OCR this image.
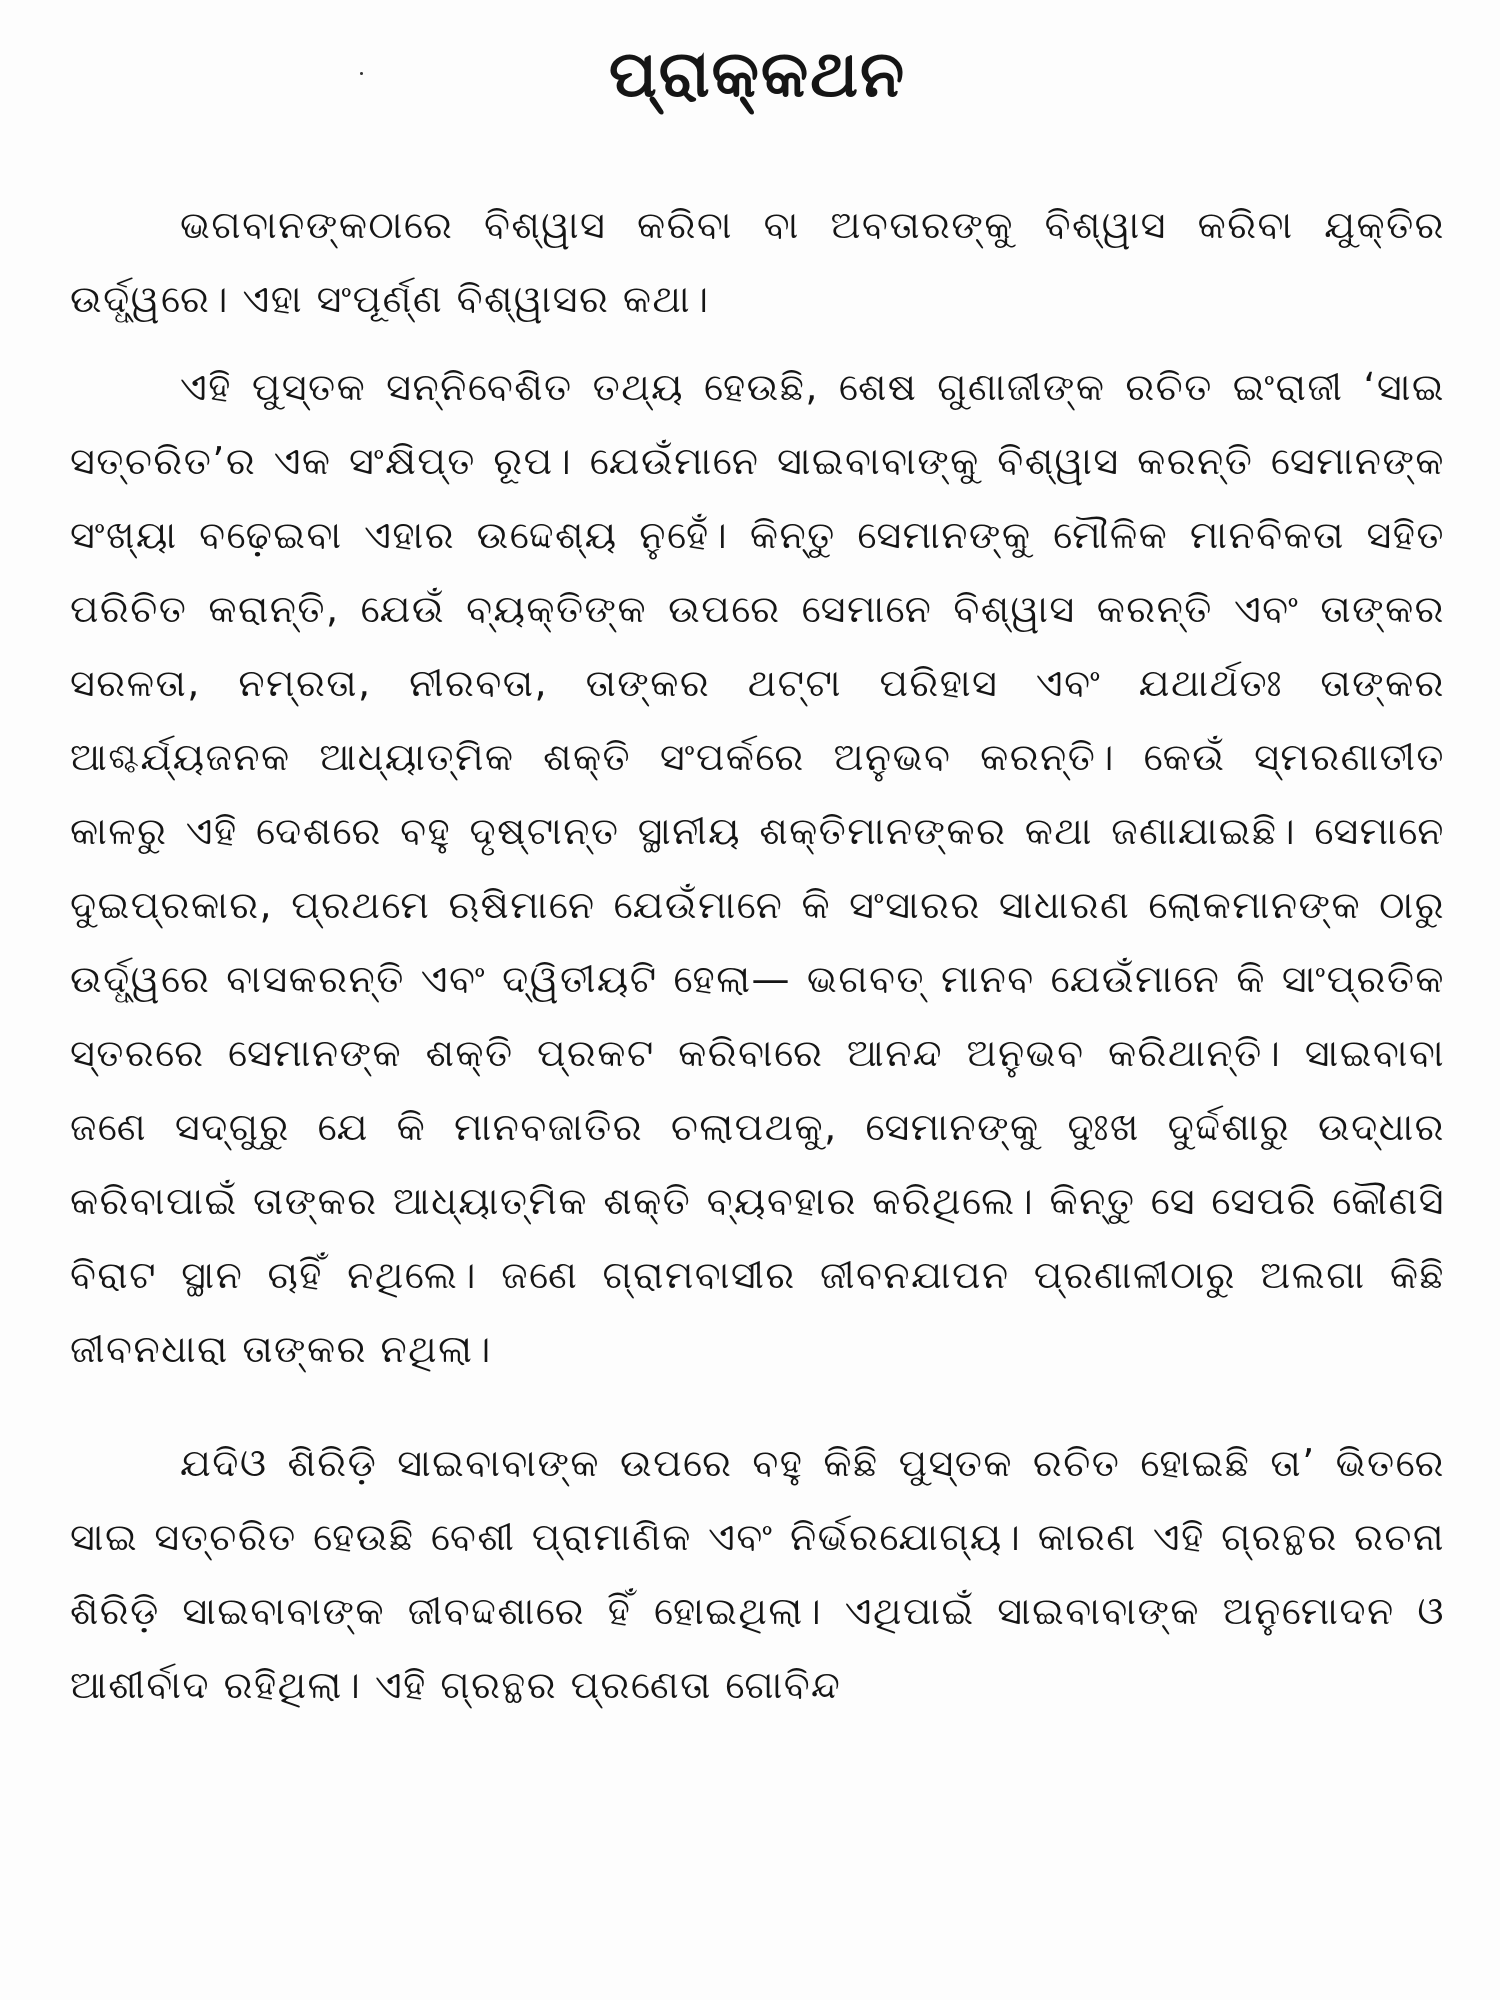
ପ୍ରାକ୍‌କଥନ

ଭଗବାନଙ୍କଠାରେ ବିଶ୍ୱାସ କରିବା ବା ଅବତାରଙ୍କୁ ବିଶ୍ୱାସ କରିବା ଯୁକ୍ତିର ଉର୍ଦ୍ଧ୍ୱରେ। ଏହା ସଂପୂର୍ଣ୍ଣ ବିଶ୍ୱାସର କଥା।

ଏହି ପୁସ୍ତକ ସନ୍ନିବେଶିତ ତଥ୍ୟ ହେଉଛି, ଶେଷ ଗୁଣାଜୀଙ୍କ ରଚିତ ଇଂରାଜୀ ‘ସାଇ ସତ୍‌ଚରିତ’ର ଏକ ସଂକ୍ଷିପ୍ତ ରୂପ। ଯେଉଁମାନେ ସାଇବାବାଙ୍କୁ ବିଶ୍ୱାସ କରନ୍ତି ସେମାନଙ୍କ ସଂଖ୍ୟା ବଢ଼େଇବା ଏହାର ଉଦ୍ଦେଶ୍ୟ ନୁହେଁ। କିନ୍ତୁ ସେମାନଙ୍କୁ ମୌଳିକ ମାନବିକତା ସହିତ ପରିଚିତ କରାନ୍ତି, ଯେଉଁ ବ୍ୟକ୍ତିଙ୍କ ଉପରେ ସେମାନେ ବିଶ୍ୱାସ କରନ୍ତି ଏବଂ ତାଙ୍କର ସରଳତା, ନମ୍ରତା, ନୀରବତା, ତାଙ୍କର ଥଟ୍ଟା ପରିହାସ ଏବଂ ଯଥାର୍ଥତଃ ତାଙ୍କର ଆଶ୍ଚର୍ଯ୍ୟଜନକ ଆଧ୍ୟାତ୍ମିକ ଶକ୍ତି ସଂପର୍କରେ ଅନୁଭବ କରନ୍ତି। କେଉଁ ସ୍ମରଣାତୀତ କାଳରୁ ଏହି ଦେଶରେ ବହୁ ଦୃଷ୍ଟାନ୍ତ ସ୍ଥାନୀୟ ଶକ୍ତିମାନଙ୍କର କଥା ଜଣାଯାଇଛି। ସେମାନେ ଦୁଇପ୍ରକାର, ପ୍ରଥମେ ଋଷିମାନେ ଯେଉଁମାନେ କି ସଂସାରର ସାଧାରଣ ଲୋକମାନଙ୍କ ଠାରୁ ଉର୍ଦ୍ଧ୍ୱରେ ବାସକରନ୍ତି ଏବଂ ଦ୍ୱିତୀୟଟି ହେଲା— ଭଗବତ୍ ମାନବ ଯେଉଁମାନେ କି ସାଂପ୍ରତିକ ସ୍ତରରେ ସେମାନଙ୍କ ଶକ୍ତି ପ୍ରକଟ କରିବାରେ ଆନନ୍ଦ ଅନୁଭବ କରିଥାନ୍ତି। ସାଇବାବା ଜଣେ ସଦ୍‌ଗୁରୁ ଯେ କି ମାନବଜାତିର ଚଲାପଥକୁ, ସେମାନଙ୍କୁ ଦୁଃଖ ଦୁର୍ଦ୍ଦଶାରୁ ଉଦ୍ଧାର କରିବାପାଇଁ ତାଙ୍କର ଆଧ୍ୟାତ୍ମିକ ଶକ୍ତି ବ୍ୟବହାର କରିଥିଲେ। କିନ୍ତୁ ସେ ସେପରି କୌଣସି ବିରାଟ ସ୍ଥାନ ଚାହିଁ ନଥିଲେ। ଜଣେ ଗ୍ରାମବାସୀର ଜୀବନଯାପନ ପ୍ରଣାଳୀଠାରୁ ଅଲଗା କିଛି ଜୀବନଧାରା ତାଙ୍କର ନଥିଲା।

ଯଦିଓ ଶିରିଡ଼ି ସାଇବାବାଙ୍କ ଉପରେ ବହୁ କିଛି ପୁସ୍ତକ ରଚିତ ହୋଇଛି ତା’ ଭିତରେ ସାଇ ସତ୍‌ଚରିତ ହେଉଛି ବେଶୀ ପ୍ରାମାଣିକ ଏବଂ ନିର୍ଭରଯୋଗ୍ୟ। କାରଣ ଏହି ଗ୍ରନ୍ଥର ରଚନା ଶିରିଡ଼ି ସାଇବାବାଙ୍କ ଜୀବଦ୍ଦଶାରେ ହିଁ ହୋଇଥିଲା। ଏଥିପାଇଁ ସାଇବାବାଙ୍କ ଅନୁମୋଦନ ଓ ଆଶୀର୍ବାଦ ରହିଥିଲା। ଏହି ଗ୍ରନ୍ଥର ପ୍ରଣେତା ଗୋବିନ୍ଦ
